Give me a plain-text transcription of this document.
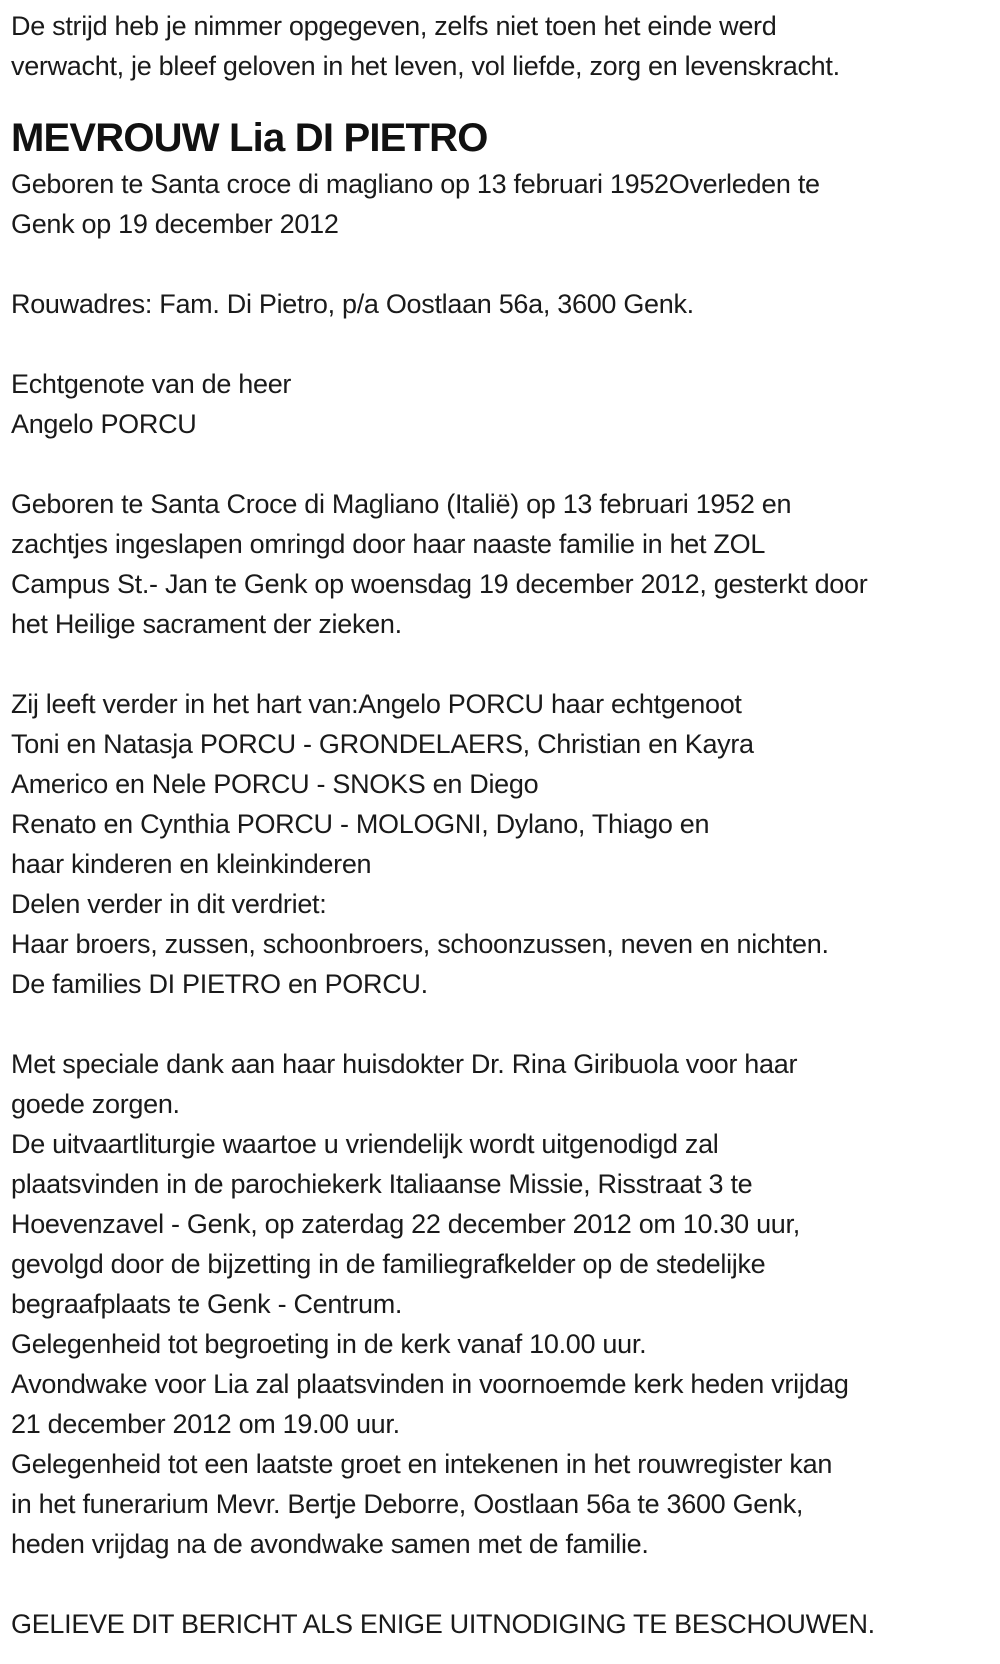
De strijd heb je nimmer opgegeven, zelfs niet toen het einde werd
verwacht, je bleef geloven in het leven, vol liefde, zorg en levenskracht.

MEVROUW Lia DI PIETRO

Geboren te Santa croce di magliano op 13 februari 1952Overleden te
Genk op 19 december 2012

Rouwadres: Fam. Di Pietro, p/a Oostlaan 56a, 3600 Genk.

Echtgenote van de heer
Angelo PORCU

Geboren te Santa Croce di Magliano (Italië) op 13 februari 1952 en
zachtjes ingeslapen omringd door haar naaste familie in het ZOL
Campus St.- Jan te Genk op woensdag 19 december 2012, gesterkt door
het Heilige sacrament der zieken.

Zij leeft verder in het hart van:Angelo PORCU haar echtgenoot
Toni en Natasja PORCU - GRONDELAERS, Christian en Kayra
Americo en Nele PORCU - SNOKS en Diego
Renato en Cynthia PORCU - MOLOGNI, Dylano, Thiago en
haar kinderen en kleinkinderen
Delen verder in dit verdriet:
Haar broers, zussen, schoonbroers, schoonzussen, neven en nichten.
De families DI PIETRO en PORCU.

Met speciale dank aan haar huisdokter Dr. Rina Giribuola voor haar
goede zorgen.
De uitvaartliturgie waartoe u vriendelijk wordt uitgenodigd zal
plaatsvinden in de parochiekerk Italiaanse Missie, Risstraat 3 te
Hoevenzavel - Genk, op zaterdag 22 december 2012 om 10.30 uur,
gevolgd door de bijzetting in de familiegrafkelder op de stedelijke
begraafplaats te Genk - Centrum.
Gelegenheid tot begroeting in de kerk vanaf 10.00 uur.
Avondwake voor Lia zal plaatsvinden in voornoemde kerk heden vrijdag
21 december 2012 om 19.00 uur.
Gelegenheid tot een laatste groet en intekenen in het rouwregister kan
in het funerarium Mevr. Bertje Deborre, Oostlaan 56a te 3600 Genk,
heden vrijdag na de avondwake samen met de familie.

GELIEVE DIT BERICHT ALS ENIGE UITNODIGING TE BESCHOUWEN.
